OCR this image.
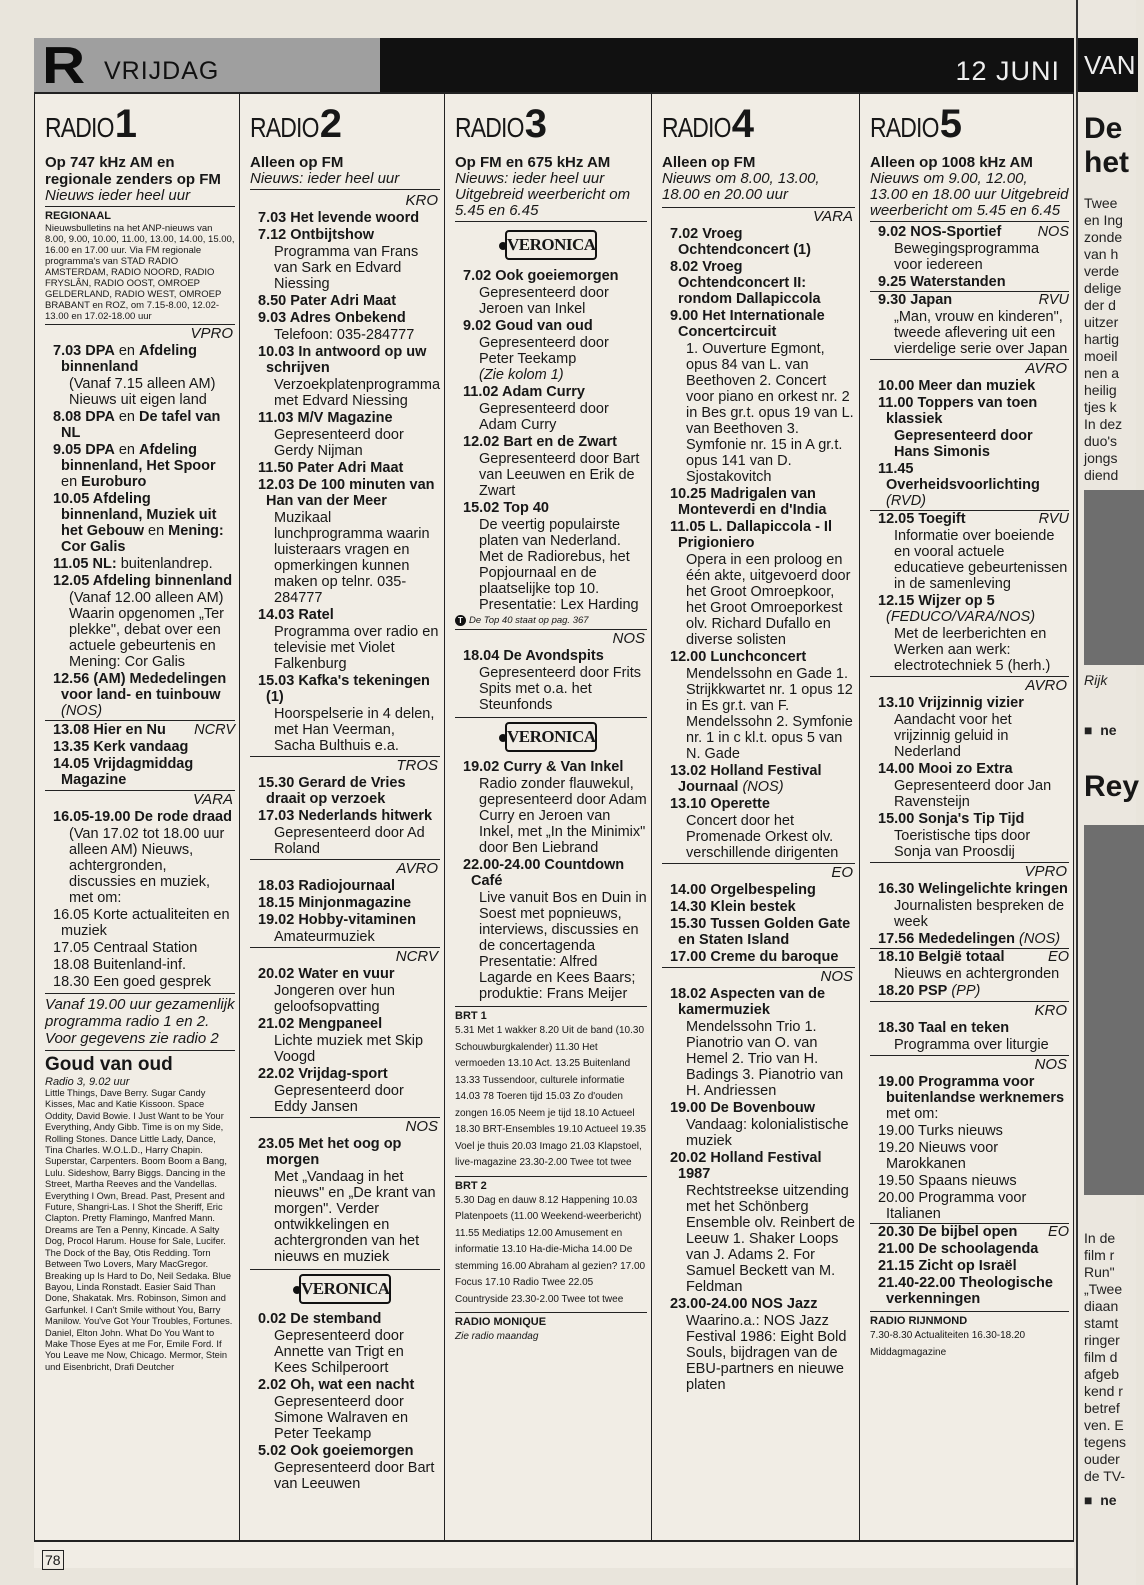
VAN
De
het
Twee
en Ing
zonde
van h
verde
delige
der d
uitzer
hartig
moeil
nen a
heilig
tjes k
In dez
duo's
jongs
diend
Rijk
■  ne
Rey
In de
film r
Run"
„Twee
diaan
stamt
ringer
film d
afgeb
kend r
betref
ven. E
tegens
ouder
de TV-
■  ne
R VRIJDAG	12 JUNI
RADIO1
Op 747 kHz AM en regionale zenders op FM
Nieuws ieder heel uur
REGIONAAL
Nieuwsbulletins na het ANP-nieuws van 8.00, 9.00, 10.00, 11.00, 13.00, 14.00, 15.00, 16.00 en 17.00 uur. Via FM regionale programma's van STAD RADIO AMSTERDAM, RADIO NOORD, RADIO FRYSLÂN, RADIO OOST, OMROEP GELDERLAND, RADIO WEST, OMROEP BRABANT en ROZ, om 7.15-8.00, 12.02-13.00 en 17.02-18.00 uur
VPRO
7.03 DPA en Afdeling binnenland
(Vanaf 7.15 alleen AM) Nieuws uit eigen land
8.08 DPA en De tafel van NL
9.05 DPA en Afdeling binnenland, Het Spoor en Euroburo
10.05 Afdeling binnenland, Muziek uit het Gebouw en Mening: Cor Galis
11.05 NL: buitenlandrep.
12.05 Afdeling binnenland
(Vanaf 12.00 alleen AM) Waarin opgenomen „Ter plekke", debat over een actuele gebeurtenis en Mening: Cor Galis
12.56 (AM) Mededelingen voor land- en tuinbouw (NOS)
13.08 Hier en Nu NCRV
13.35 Kerk vandaag
14.05 Vrijdagmiddag Magazine
VARA
16.05-19.00 De rode draad
(Van 17.02 tot 18.00 uur alleen AM) Nieuws, achtergronden, discussies en muziek, met om:
16.05 Korte actualiteiten en muziek
17.05 Centraal Station
18.08 Buitenland-inf.
18.30 Een goed gesprek
Vanaf 19.00 uur gezamenlijk programma radio 1 en 2. Voor gegevens zie radio 2
Goud van oud
Radio 3, 9.02 uur
Little Things, Dave Berry. Sugar Candy Kisses, Mac and Katie Kissoon. Space Oddity, David Bowie. I Just Want to be Your Everything, Andy Gibb. Time is on my Side, Rolling Stones. Dance Little Lady, Dance, Tina Charles. W.O.L.D., Harry Chapin. Superstar, Carpenters. Boom Boom a Bang, Lulu. Sideshow, Barry Biggs. Dancing in the Street, Martha Reeves and the Vandellas. Everything I Own, Bread. Past, Present and Future, Shangri-Las. I Shot the Sheriff, Eric Clapton. Pretty Flamingo, Manfred Mann. Dreams are Ten a Penny, Kincade. A Salty Dog, Procol Harum. House for Sale, Lucifer. The Dock of the Bay, Otis Redding. Torn Between Two Lovers, Mary MacGregor. Breaking up Is Hard to Do, Neil Sedaka. Blue Bayou, Linda Ronstadt. Easier Said Than Done, Shakatak. Mrs. Robinson, Simon and Garfunkel. I Can't Smile without You, Barry Manilow. You've Got Your Troubles, Fortunes. Daniel, Elton John. What Do You Want to Make Those Eyes at me For, Emile Ford. If You Leave me Now, Chicago. Mermor, Stein und Eisenbricht, Drafi Deutcher
RADIO2
Alleen op FM
Nieuws: ieder heel uur
KRO
7.03 Het levende woord
7.12 Ontbijtshow
Programma van Frans van Sark en Edvard Niessing
8.50 Pater Adri Maat
9.03 Adres Onbekend
Telefoon: 035-284777
10.03 In antwoord op uw schrijven
Verzoekplatenprogramma met Edvard Niessing
11.03 M/V Magazine
Gepresenteerd door Gerdy Nijman
11.50 Pater Adri Maat
12.03 De 100 minuten van Han van der Meer
Muzikaal lunchprogramma waarin luisteraars vragen en opmerkingen kunnen maken op telnr. 035-284777
14.03 Ratel
Programma over radio en televisie met Violet Falkenburg
15.03 Kafka's tekeningen (1)
Hoorspelserie in 4 delen, met Han Veerman, Sacha Bulthuis e.a.
TROS
15.30 Gerard de Vries draait op verzoek
17.03 Nederlands hitwerk
Gepresenteerd door Ad Roland
AVRO
18.03 Radiojournaal
18.15 Minjonmagazine
19.02 Hobby-vitaminen
Amateurmuziek
NCRV
20.02 Water en vuur
Jongeren over hun geloofsopvatting
21.02 Mengpaneel
Lichte muziek met Skip Voogd
22.02 Vrijdag-sport
Gepresenteerd door Eddy Jansen
NOS
23.05 Met het oog op morgen
Met „Vandaag in het nieuws" en „De krant van morgen". Verder ontwikkelingen en achtergronden van het nieuws en muziek
VERONICA
0.02 De stemband
Gepresenteerd door Annette van Trigt en Kees Schilperoort
2.02 Oh, wat een nacht
Gepresenteerd door Simone Walraven en Peter Teekamp
5.02 Ook goeiemorgen
Gepresenteerd door Bart van Leeuwen
RADIO3
Op FM en 675 kHz AM
Nieuws: ieder heel uur Uitgebreid weerbericht om 5.45 en 6.45
VERONICA
7.02 Ook goeiemorgen
Gepresenteerd door Jeroen van Inkel
9.02 Goud van oud
Gepresenteerd door Peter Teekamp
(Zie kolom 1)
11.02 Adam Curry
Gepresenteerd door Adam Curry
12.02 Bart en de Zwart
Gepresenteerd door Bart van Leeuwen en Erik de Zwart
15.02 Top 40
De veertig populairste platen van Nederland. Met de Radiorebus, het Popjournaal en de plaatselijke top 10. Presentatie: Lex Harding
T De Top 40 staat op pag. 367
NOS
18.04 De Avondspits
Gepresenteerd door Frits Spits met o.a. het Steunfonds
VERONICA
19.02 Curry & Van Inkel
Radio zonder flauwekul, gepresenteerd door Adam Curry en Jeroen van Inkel, met „In the Minimix" door Ben Liebrand
22.00-24.00 Countdown Café
Live vanuit Bos en Duin in Soest met popnieuws, interviews, discussies en de concertagenda Presentatie: Alfred Lagarde en Kees Baars; produktie: Frans Meijer
BRT 1
5.31 Met 1 wakker 8.20 Uit de band (10.30 Schouwburgkalender) 11.30 Het vermoeden 13.10 Act. 13.25 Buitenland 13.33 Tussendoor, culturele informatie 14.03 78 Toeren tijd 15.03 Zo d'ouden zongen 16.05 Neem je tijd 18.10 Actueel 18.30 BRT-Ensembles 19.10 Actueel 19.35 Voel je thuis 20.03 Imago 21.03 Klapstoel, live-magazine 23.30-2.00 Twee tot twee
BRT 2
5.30 Dag en dauw 8.12 Happening 10.03 Platenpoets (11.00 Weekend-weerbericht) 11.55 Mediatips 12.00 Amusement en informatie 13.10 Ha-die-Micha 14.00 De stemming 16.00 Abraham al gezien? 17.00 Focus 17.10 Radio Twee 22.05 Countryside 23.30-2.00 Twee tot twee
RADIO MONIQUE
Zie radio maandag
RADIO4
Alleen op FM
Nieuws om 8.00, 13.00, 18.00 en 20.00 uur
VARA
7.02 Vroeg Ochtendconcert (1)
8.02 Vroeg Ochtendconcert II: rondom Dallapiccola
9.00 Het Internationale Concertcircuit
1. Ouverture Egmont, opus 84 van L. van Beethoven 2. Concert voor piano en orkest nr. 2 in Bes gr.t. opus 19 van L. van Beethoven 3. Symfonie nr. 15 in A gr.t. opus 141 van D. Sjostakovitch
10.25 Madrigalen van Monteverdi en d'India
11.05 L. Dallapiccola - Il Prigioniero
Opera in een proloog en één akte, uitgevoerd door het Groot Omroepkoor, het Groot Omroeporkest olv. Richard Dufallo en diverse solisten
12.00 Lunchconcert
Mendelssohn en Gade 1. Strijkkwartet nr. 1 opus 12 in Es gr.t. van F. Mendelssohn 2. Symfonie nr. 1 in c kl.t. opus 5 van N. Gade
13.02 Holland Festival Journaal (NOS)
13.10 Operette
Concert door het Promenade Orkest olv. verschillende dirigenten
EO
14.00 Orgelbespeling
14.30 Klein bestek
15.30 Tussen Golden Gate en Staten Island
17.00 Creme du baroque
NOS
18.02 Aspecten van de kamermuziek
Mendelssohn Trio 1. Pianotrio van O. van Hemel 2. Trio van H. Badings 3. Pianotrio van H. Andriessen
19.00 De Bovenbouw
Vandaag: kolonialistische muziek
20.02 Holland Festival 1987
Rechtstreekse uitzending met het Schönberg Ensemble olv. Reinbert de Leeuw 1. Shaker Loops van J. Adams 2. For Samuel Beckett van M. Feldman
23.00-24.00 NOS Jazz
Waarino.a.: NOS Jazz Festival 1986: Eight Bold Souls, bijdragen van de EBU-partners en nieuwe platen
RADIO5
Alleen op 1008 kHz AM
Nieuws om 9.00, 12.00, 13.00 en 18.00 uur Uitgebreid weerbericht om 5.45 en 6.45
9.02 NOS-Sportief	NOS
Bewegingsprogramma voor iedereen
9.25 Waterstanden
9.30 Japan	RVU
„Man, vrouw en kinderen", tweede aflevering uit een vierdelige serie over Japan
AVRO
10.00 Meer dan muziek
11.00 Toppers van toen klassiek
Gepresenteerd door Hans Simonis
11.45 Overheidsvoorlichting (RVD)
12.05 Toegift	RVU
Informatie over boeiende en vooral actuele educatieve gebeurtenissen in de samenleving
12.15 Wijzer op 5 (FEDUCO/VARA/NOS)
Met de leerberichten en Werken aan werk: electrotechniek 5 (herh.)
AVRO
13.10 Vrijzinnig vizier
Aandacht voor het vrijzinnig geluid in Nederland
14.00 Mooi zo Extra
Gepresenteerd door Jan Ravensteijn
15.00 Sonja's Tip Tijd
Toeristische tips door Sonja van Proosdij
VPRO
16.30 Welingelichte kringen
Journalisten bespreken de week
17.56 Mededelingen (NOS)
18.10 België totaal	EO
Nieuws en achtergronden
18.20 PSP (PP)
KRO
18.30 Taal en teken
Programma over liturgie
NOS
19.00 Programma voor buitenlandse werknemers met om:
19.00 Turks nieuws
19.20 Nieuws voor Marokkanen
19.50 Spaans nieuws
20.00 Programma voor Italianen
20.30 De bijbel open EO
21.00 De schoolagenda
21.15 Zicht op Israël
21.40-22.00 Theologische verkenningen
RADIO RIJNMOND
7.30-8.30 Actualiteiten 16.30-18.20 Middagmagazine
78
